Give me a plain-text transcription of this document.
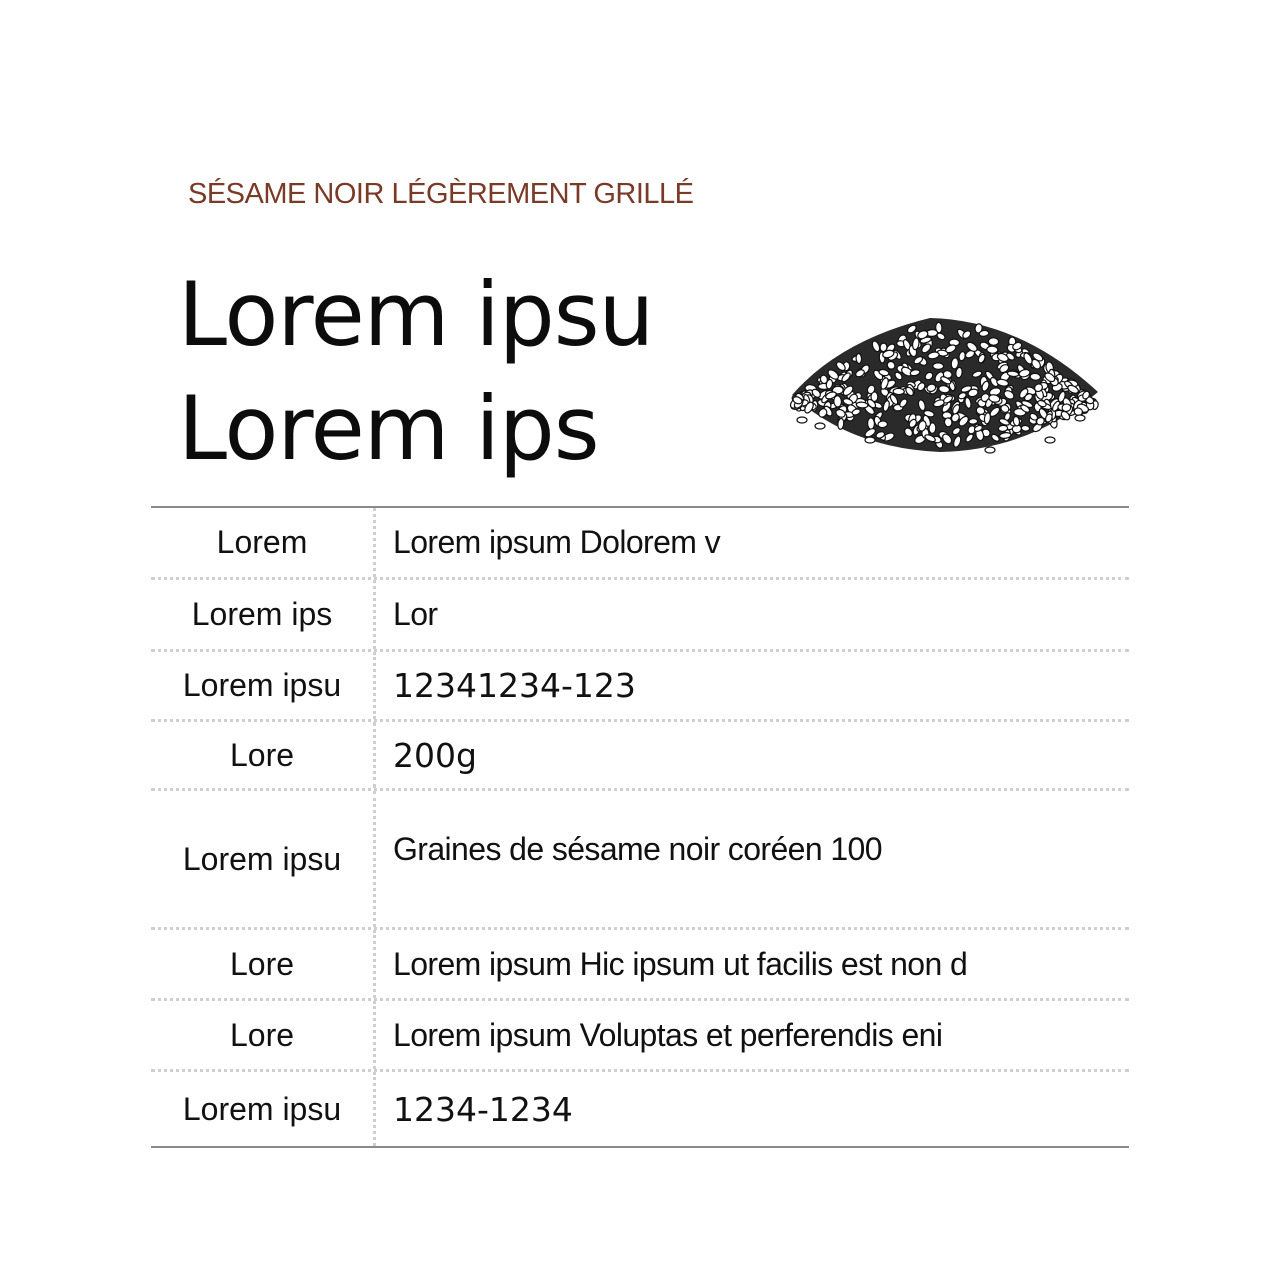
SÉSAME NOIR LÉGÈREMENT GRILLÉ
Lorem ipsu
Lorem ips
Lorem	Lorem ipsum Dolorem v
Lorem ips	Lor
Lorem ipsu	12341234-123
Lore	200g
Lorem ipsu	Graines de sésame noir coréen 100
Lore	Lorem ipsum Hic ipsum ut facilis est non d
Lore	Lorem ipsum Voluptas et perferendis eni
Lorem ipsu	1234-1234
